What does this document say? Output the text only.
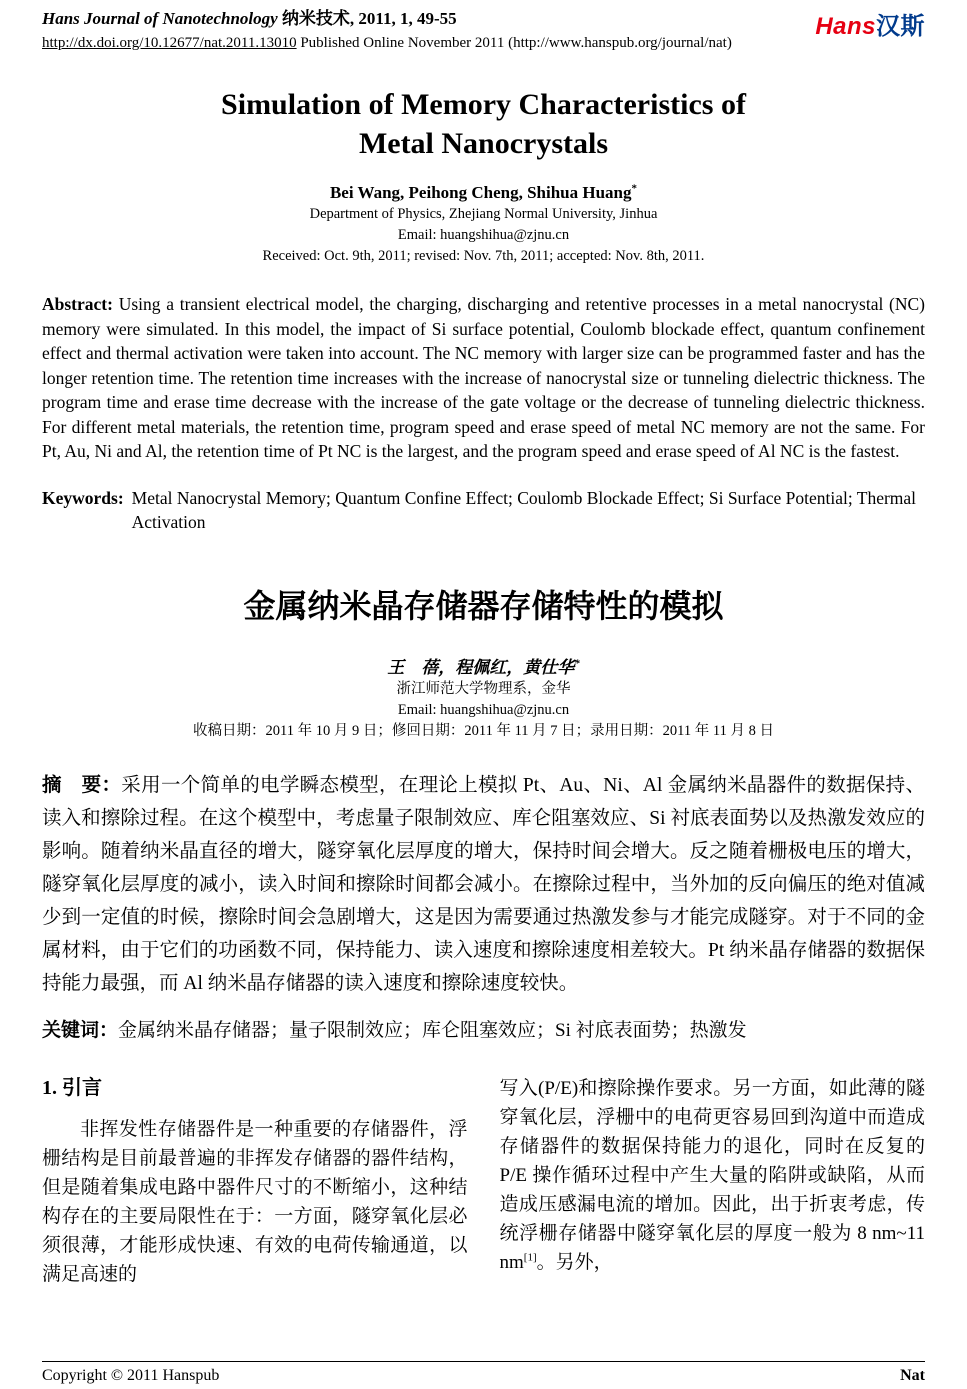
Hans Journal of Nanotechnology 纳米技术, 2011, 1, 49-55
http://dx.doi.org/10.12677/nat.2011.13010 Published Online November 2011 (http://www.hanspub.org/journal/nat)
Hans汉斯
Simulation of Memory Characteristics of
Metal Nanocrystals
Bei Wang, Peihong Cheng, Shihua Huang*
Department of Physics, Zhejiang Normal University, Jinhua
Email: huangshihua@zjnu.cn
Received: Oct. 9th, 2011; revised: Nov. 7th, 2011; accepted: Nov. 8th, 2011.

Abstract: Using a transient electrical model, the charging, discharging and retentive processes in a metal nanocrystal (NC) memory were simulated. In this model, the impact of Si surface potential, Coulomb blockade effect, quantum confinement effect and thermal activation were taken into account. The NC memory with larger size can be programmed faster and has the longer retention time. The retention time increases with the increase of nanocrystal size or tunneling dielectric thickness. The program time and erase time decrease with the increase of the gate voltage or the decrease of tunneling dielectric thickness. For different metal materials, the retention time, program speed and erase speed of metal NC memory are not the same. For Pt, Au, Ni and Al, the retention time of Pt NC is the largest, and the program speed and erase speed of Al NC is the fastest.

Keywords: Metal Nanocrystal Memory; Quantum Confine Effect; Coulomb Blockade Effect; Si Surface Potential; Thermal Activation
金属纳米晶存储器存储特性的模拟
王　蓓，程佩红，黄仕华*
浙江师范大学物理系，金华
Email: huangshihua@zjnu.cn
收稿日期：2011 年 10 月 9 日；修回日期：2011 年 11 月 7 日；录用日期：2011 年 11 月 8 日

摘　要：采用一个简单的电学瞬态模型，在理论上模拟 Pt、Au、Ni、Al 金属纳米晶器件的数据保持、读入和擦除过程。在这个模型中，考虑量子限制效应、库仑阻塞效应、Si 衬底表面势以及热激发效应的影响。随着纳米晶直径的增大，隧穿氧化层厚度的增大，保持时间会增大。反之随着栅极电压的增大，隧穿氧化层厚度的减小，读入时间和擦除时间都会减小。在擦除过程中，当外加的反向偏压的绝对值减少到一定值的时候，擦除时间会急剧增大，这是因为需要通过热激发参与才能完成隧穿。对于不同的金属材料，由于它们的功函数不同，保持能力、读入速度和擦除速度相差较大。Pt 纳米晶存储器的数据保持能力最强，而 Al 纳米晶存储器的读入速度和擦除速度较快。

关键词：金属纳米晶存储器；量子限制效应；库仑阻塞效应；Si 衬底表面势；热激发
1. 引言

非挥发性存储器件是一种重要的存储器件，浮栅结构是目前最普遍的非挥发存储器的器件结构，但是随着集成电路中器件尺寸的不断缩小，这种结构存在的主要局限性在于：一方面，隧穿氧化层必须很薄，才能形成快速、有效的电荷传输通道，以满足高速的

写入(P/E)和擦除操作要求。另一方面，如此薄的隧穿氧化层，浮栅中的电荷更容易回到沟道中而造成存储器件的数据保持能力的退化，同时在反复的 P/E 操作循环过程中产生大量的陷阱或缺陷，从而造成压感漏电流的增加。因此，出于折衷考虑，传统浮栅存储器中隧穿氧化层的厚度一般为 8 nm~11 nm[1]。另外，

Copyright © 2011 Hanspub	Nat
